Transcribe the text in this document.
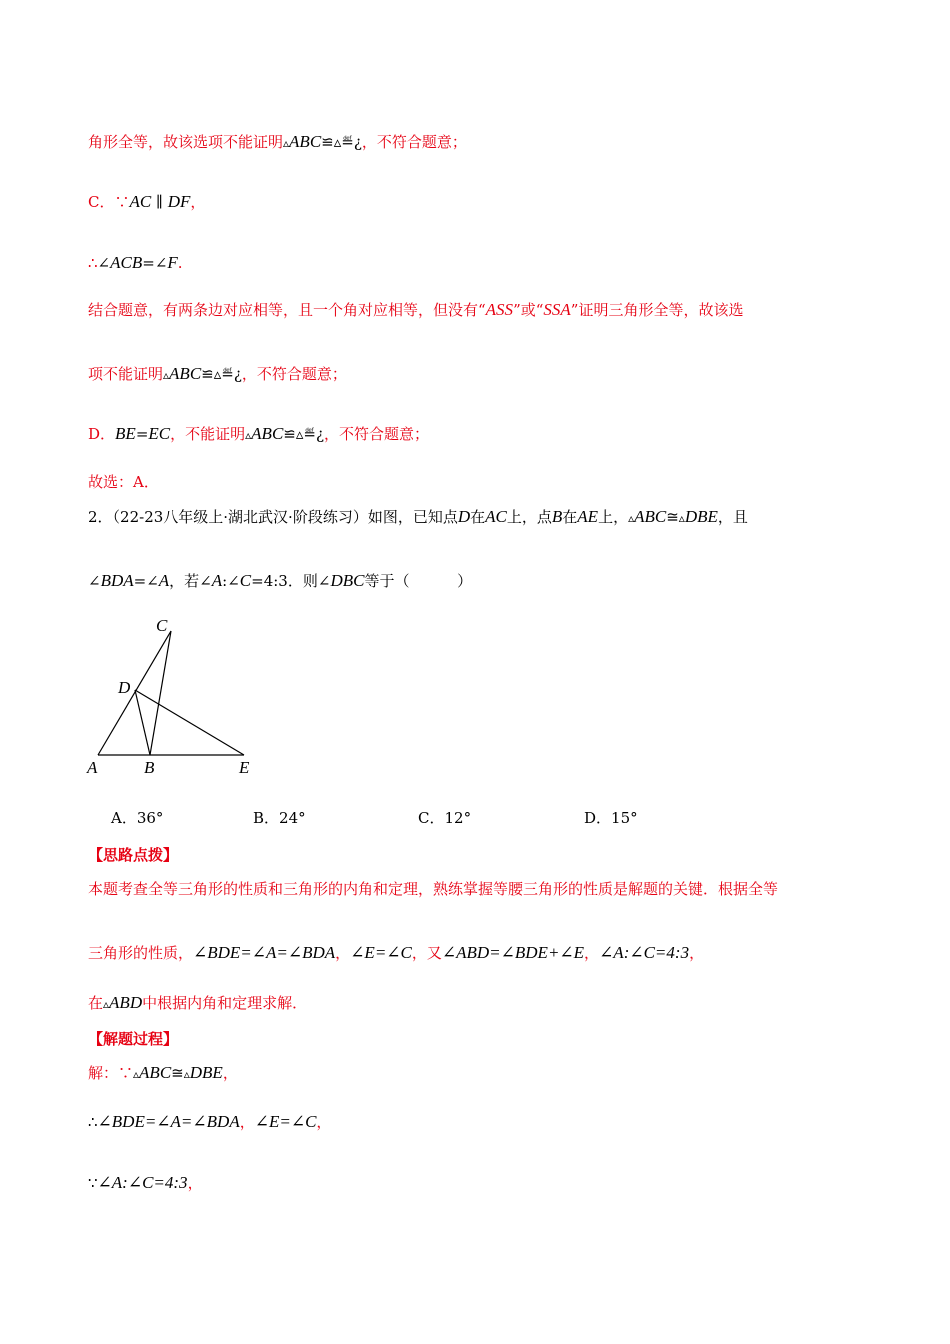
角形全等，故该选项不能证明▵ABC≌▵≝¿，不符合题意；
C．∵AC ∥ DF，
∴∠ACB=∠F.
结合题意，有两条边对应相等，且一个角对应相等，但没有“ASS”或“SSA”证明三角形全等，故该选
项不能证明▵ABC≌▵≝¿，不符合题意；
D．BE=EC，不能证明▵ABC≌▵≝¿，不符合题意；
故选：A．
2．（22-23八年级上·湖北武汉·阶段练习）如图，已知点D在AC上，点B在AE上，▵ABC≅▵DBE，且
∠BDA=∠A，若∠A:∠C=4:3．则∠DBC等于（	）
C
D
A	B	E
A．36°	B．24°	C．12°	D．15°
【思路点拨】
本题考查全等三角形的性质和三角形的内角和定理，熟练掌握等腰三角形的性质是解题的关键．根据全等
三角形的性质，∠BDE=∠A=∠BDA，∠E=∠C，又∠ABD=∠BDE+∠E，∠A:∠C=4:3，
在▵ABD中根据内角和定理求解．
【解题过程】
解：∵▵ABC≅▵DBE，
∴∠BDE=∠A=∠BDA，∠E=∠C，
∵∠A:∠C=4:3，
